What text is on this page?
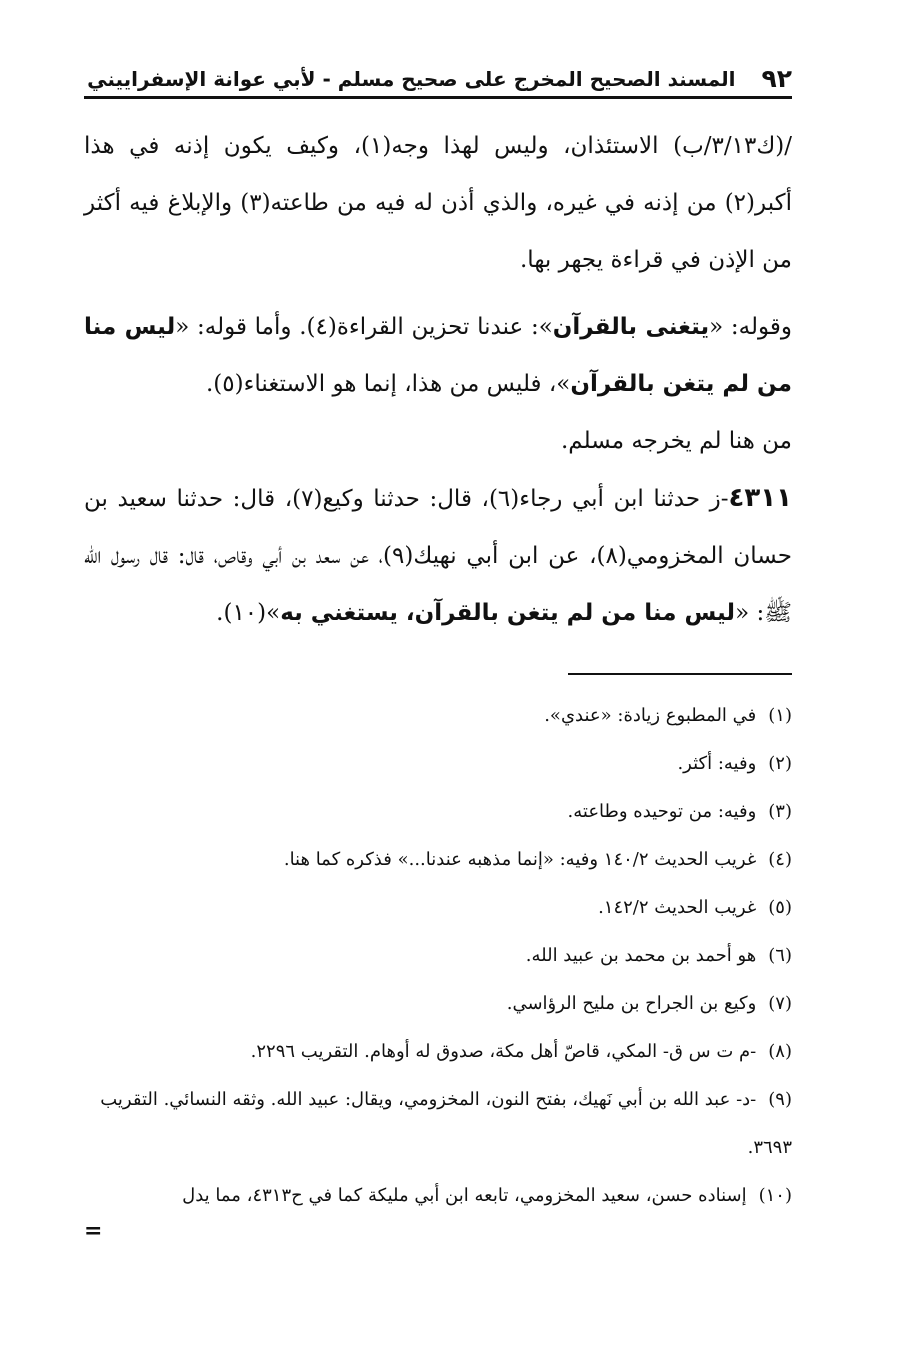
٩٢
المسند الصحيح المخرج على صحيح مسلم - لأبي عوانة الإسفراييني

/(ك٣/١٣/ب) الاستئذان، وليس لهذا وجه(١)، وكيف يكون إذنه في هذا أكبر(٢) من إذنه في غيره، والذي أذن له فيه من طاعته(٣) والإبلاغ فيه أكثر من الإذن في قراءة يجهر بها.

وقوله: «يتغنى بالقرآن»: عندنا تحزين القراءة(٤). وأما قوله: «ليس منا من لم يتغن بالقرآن»، فليس من هذا، إنما هو الاستغناء(٥).

من هنا لم يخرجه مسلم.

٤٣١١-ز حدثنا ابن أبي رجاء(٦)، قال: حدثنا وكيع(٧)، قال: حدثنا سعيد بن حسان المخزومي(٨)، عن ابن أبي نهيك(٩)، عن سعد بن أبي وقاص، قال: قال رسول الله ﷺ: «ليس منا من لم يتغن بالقرآن، يستغني به»(١٠).

(١)في المطبوع زيادة: «عندي».

(٢)وفيه: أكثر.

(٣)وفيه: من توحيده وطاعته.

(٤)غريب الحديث ١٤٠/٢ وفيه: «إنما مذهبه عندنا...» فذكره كما هنا.

(٥)غريب الحديث ١٤٢/٢.

(٦)هو أحمد بن محمد بن عبيد الله.

(٧)وكيع بن الجراح بن مليح الرؤاسي.

(٨)-م ت س ق- المكي، قاصّ أهل مكة، صدوق له أوهام. التقريب ٢٢٩٦.

(٩)-د- عبد الله بن أبي نَهيك، بفتح النون، المخزومي، ويقال: عبيد الله. وثقه النسائي. التقريب ٣٦٩٣.

(١٠)إسناده حسن، سعيد المخزومي، تابعه ابن أبي مليكة كما في ح٤٣١٣، مما يدل

=
